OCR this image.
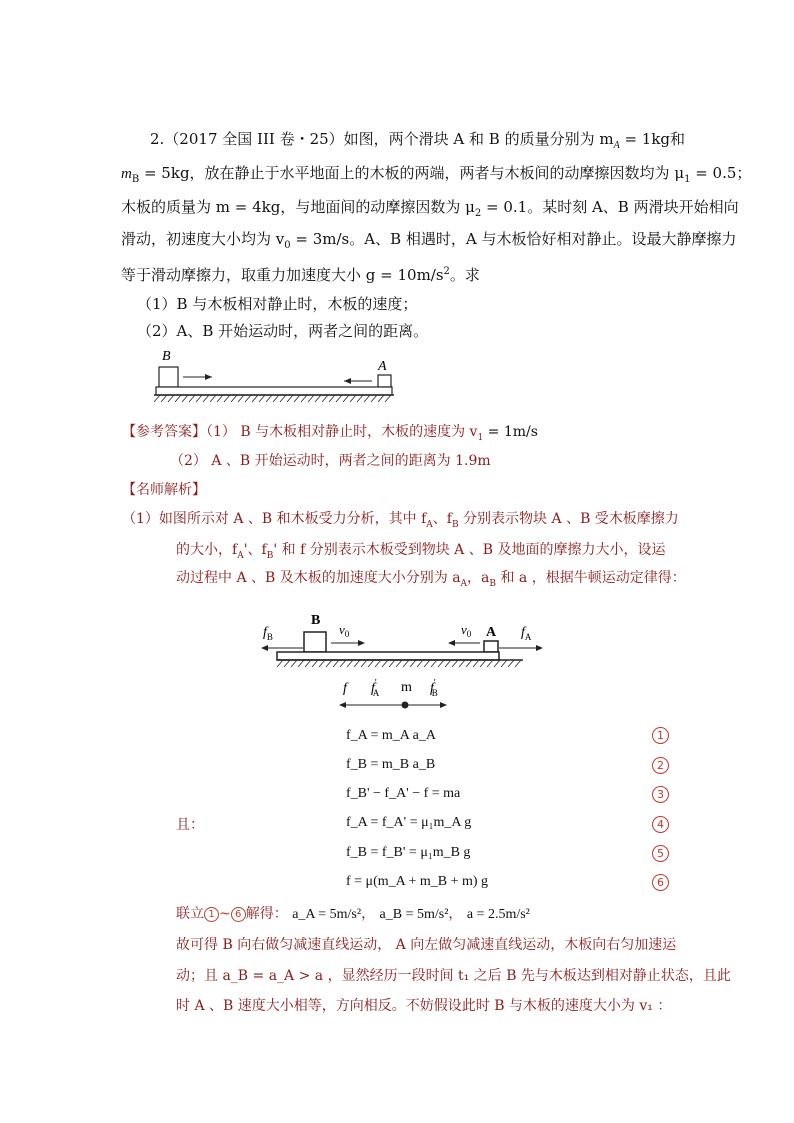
2.（2017 全国 III 卷・25）如图，两个滑块 A 和 B 的质量分别为 $m_A = 1kg$和
$m_B = 5kg$，放在静止于水平地面上的木板的两端，两者与木板间的动摩擦因数均为 $\mu_1 = 0.5$；
木板的质量为 m = 4kg，与地面间的动摩擦因数为 $\mu_2 = 0.1$。某时刻 A、B 两滑块开始相向
滑动，初速度大小均为 $v_0 = 3m/s$。A、B 相遇时，A 与木板恰好相对静止。设最大静摩擦力
等于滑动摩擦力，取重力加速度大小 $g = 10m/s^2$。求
（1）B 与木板相对静止时，木板的速度；
（2）A、B 开始运动时，两者之间的距离。
B
A
【参考答案】（1） B 与木板相对静止时，木板的速度为 $v_1 = 1m/s$
（2） A 、B 开始运动时，两者之间的距离为 1.9m
【名师解析】
（1）如图所示对 A 、B 和木板受力分析，其中 $f_A$、$f_B$ 分别表示物块 A 、B 受木板摩擦力
的大小，$f_A'$、$f_B'$ 和 f 分别表示木板受到物块 A 、B 及地面的摩擦力大小，设运
动过程中 A 、B 及木板的加速度大小分别为 $a_A$，$a_B$ 和 a ，根据牛顿运动定律得：
$f_B$
B
$v_0$	$v_0$ A $f_A$
f f' A m f' B
f_A = m_A a_A	1
f_B = m_B a_B	2
f_B' − f_A' − f = ma	3
且：	f_A = f_A' = μ₁m_A g	4
f_B = f_B' = μ₁m_B g	5
f = μ(m_A + m_B + m) g	6
联立 1 ~ 6 解得： a_A = 5m/s²， a_B = 5m/s²， a = 2.5m/s²
故可得 B 向右做匀减速直线运动， A 向左做匀减速直线运动，木板向右匀加速运
动；且 a_B = a_A > a ，显然经历一段时间 t₁ 之后 B 先与木板达到相对静止状态，且此
时 A 、B 速度大小相等，方向相反。不妨假设此时 B 与木板的速度大小为 v₁ ：
